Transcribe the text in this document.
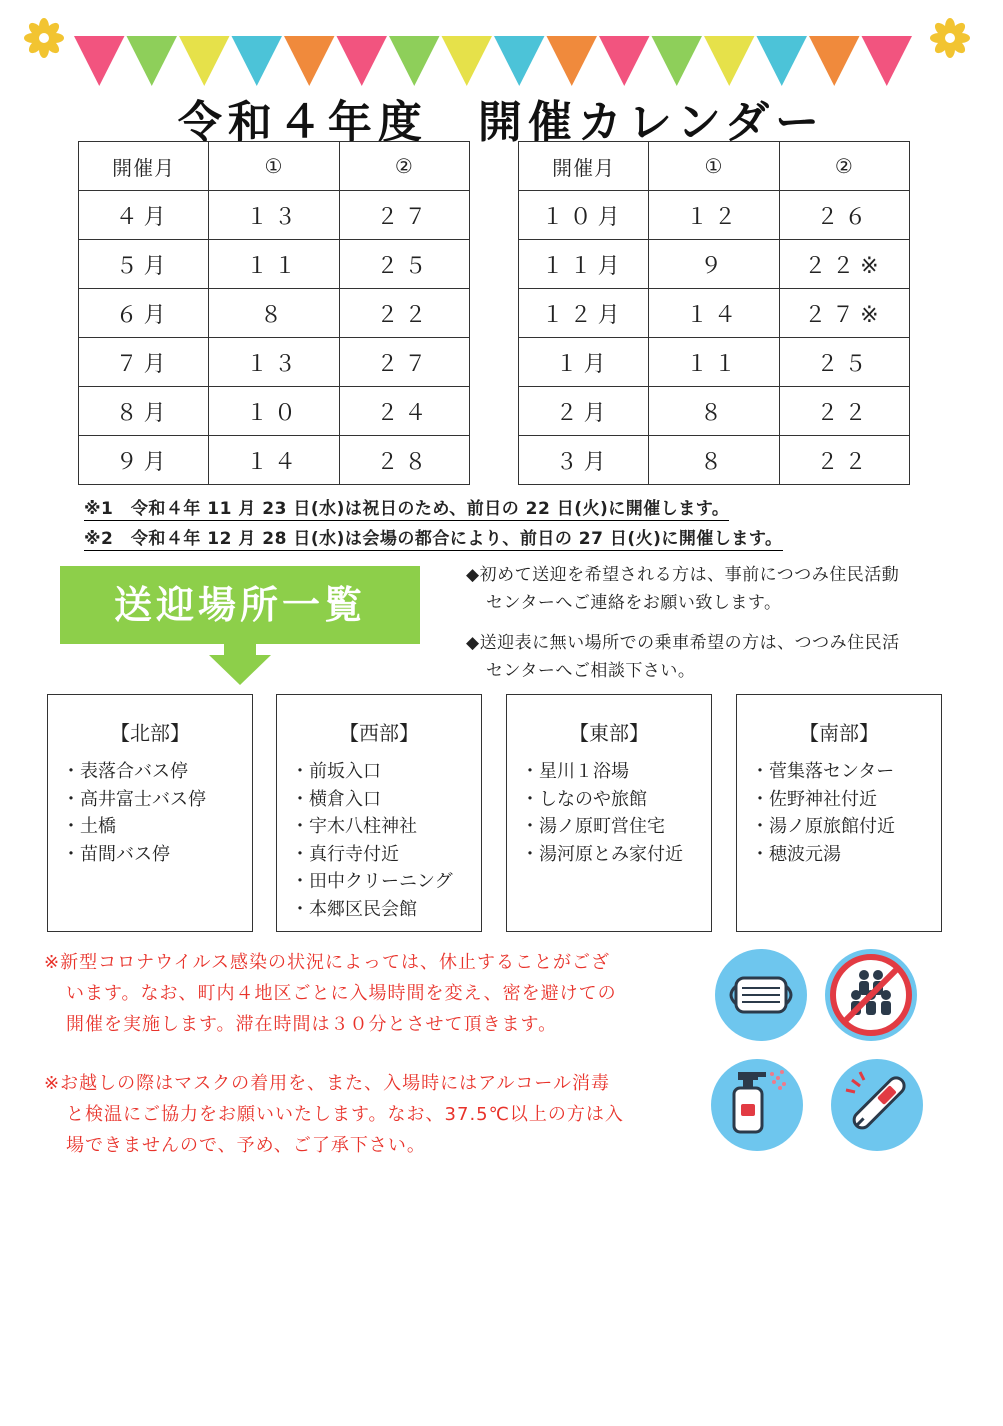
令和４年度　開催カレンダー
開催月	①	②
４月	１３	２７
５月	１１	２５
６月	８	２２
７月	１３	２７
８月	１０	２４
９月	１４	２８
開催月	①	②
１０月	１２	２６
１１月	９	２２※
１２月	１４	２７※
１月	１１	２５
２月	８	２２
３月	８	２２
※1　令和４年 11 月 23 日(水)は祝日のため、前日の 22 日(火)に開催します。
※2　令和４年 12 月 28 日(水)は会場の都合により、前日の 27 日(火)に開催します。
送迎場所一覧
◆初めて送迎を希望される方は、事前につつみ住民活動
センターへご連絡をお願い致します。
◆送迎表に無い場所での乗車希望の方は、つつみ住民活
センターへご相談下さい。
【北部】
・ 表落合バス停
・ 高井富士バス停
・ 土橋
・ 苗間バス停
【西部】
・ 前坂入口
・ 横倉入口
・ 宇木八柱神社
・ 真行寺付近
・ 田中クリーニング
・ 本郷区民会館
【東部】
・ 星川１浴場
・ しなのや旅館
・ 湯ノ原町営住宅
・ 湯河原とみ家付近
【南部】
・ 菅集落センター
・ 佐野神社付近
・ 湯ノ原旅館付近
・ 穂波元湯
※新型コロナウイルス感染の状況によっては、休止することがござ
います。なお、町内４地区ごとに入場時間を変え、密を避けての
開催を実施します。滞在時間は３０分とさせて頂きます。
※お越しの際はマスクの着用を、また、入場時にはアルコール消毒
と検温にご協力をお願いいたします。なお、37.5℃以上の方は入
場できませんので、予め、ご了承下さい。
